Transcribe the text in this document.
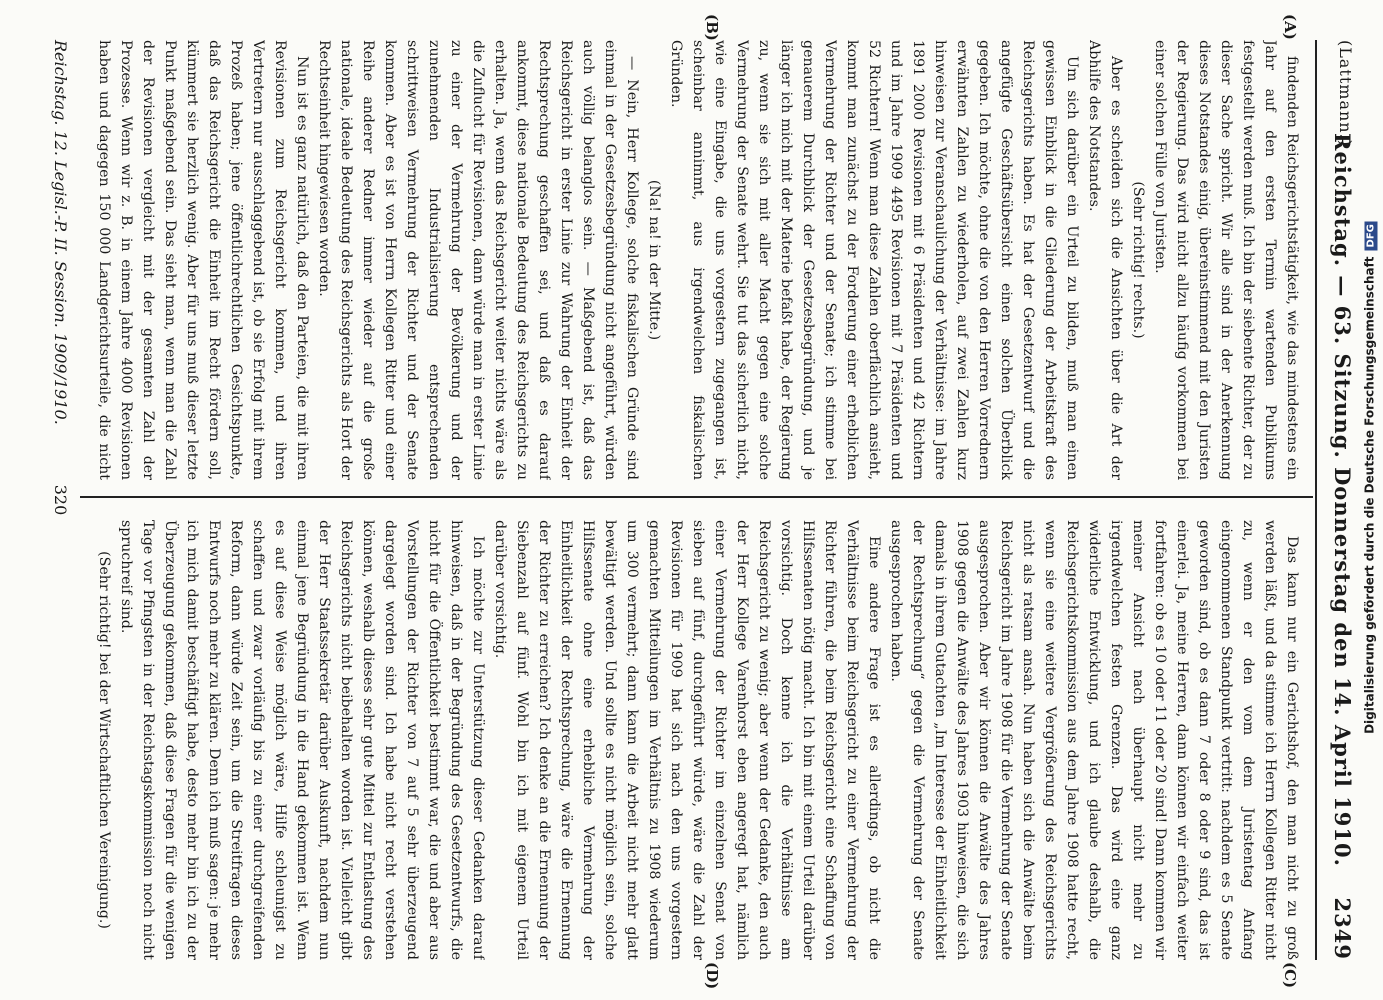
(Lattmann.)
Reichstag. — 63. Sitzung. Donnerstag den 14. April 1910.
2349

findenden Reichsgerichtstätigkeit, wie das mindestens ein Jahr auf den ersten Termin wartenden Publikums festgestellt werden muß. Ich bin der siebente Richter, der zu dieser Sache spricht. Wir alle sind in der Anerkennung dieses Notstandes einig, übereinstimmend mit den Juristen der Regierung. Das wird nicht allzu häufig vorkommen bei einer solchen Fülle von Juristen.

(Sehr richtig! rechts.)

Aber es scheiden sich die Ansichten über die Art der Abhilfe des Notstandes.

Um sich darüber ein Urteil zu bilden, muß man einen gewissen Einblick in die Gliederung der Arbeitskraft des Reichsgerichts haben. Es hat der Gesetzentwurf und die angefügte Geschäftsübersicht einen solchen Überblick gegeben. Ich möchte, ohne die von den Herren Vorrednern erwähnten Zahlen zu wiederholen, auf zwei Zahlen kurz hinweisen zur Veranschaulichung der Verhältnisse: im Jahre 1891 2000 Revisionen mit 6 Präsidenten und 42 Richtern und im Jahre 1909 4495 Revisionen mit 7 Präsidenten und 52 Richtern! Wenn man diese Zahlen oberflächlich ansieht, kommt man zunächst zu der Forderung einer erheblichen Vermehrung der Richter und der Senate; ich stimme bei genauerem Durchblick der Gesetzesbegründung, und je länger ich mich mit der Materie befaßt habe, der Regierung zu, wenn sie sich mit aller Macht gegen eine solche Vermehrung der Senate wehrt. Sie tut das sicherlich nicht, wie eine Eingabe, die uns vorgestern zugegangen ist, scheinbar annimmt, aus irgendwelchen fiskalischen Gründen.

(Na! na! in der Mitte.)

— Nein, Herr Kollege, solche fiskalischen Gründe sind einmal in der Gesetzesbegründung nicht angeführt, würden auch völlig belanglos sein. — Maßgebend ist, daß das Reichsgericht in erster Linie zur Wahrung der Einheit der Rechtsprechung geschaffen sei, und daß es darauf ankommt, diese nationale Bedeutung des Reichsgerichts zu erhalten. Ja, wenn das Reichsgericht weiter nichts wäre als die Zuflucht für Revisionen, dann würde man in erster Linie zu einer der Vermehrung der Bevölkerung und der zunehmenden Industrialisierung entsprechenden schrittweisen Vermehrung der Richter und der Senate kommen. Aber es ist von Herrn Kollegen Ritter und einer Reihe anderer Redner immer wieder auf die große nationale, ideale Bedeutung des Reichsgerichts als Hort der Rechtseinheit hingewiesen worden.

Nun ist es ganz natürlich, daß den Parteien, die mit ihren Revisionen zum Reichsgericht kommen, und ihren Vertretern nur ausschlaggebend ist, ob sie Erfolg mit ihrem Prozeß haben; jene öffentlichrechtlichen Gesichtspunkte, daß das Reichsgericht die Einheit im Recht fördern soll, kümmert sie herzlich wenig. Aber für uns muß dieser letzte Punkt maßgebend sein. Das sieht man, wenn man die Zahl der Revisionen vergleicht mit der gesamten Zahl der Prozesse. Wenn wir z. B. in einem Jahre 4000 Revisionen haben und dagegen 150 000 Landgerichtsurteile, die nicht

Das kann nur ein Gerichtshof, den man nicht zu groß werden läßt, und da stimme ich Herrn Kollegen Ritter nicht zu, wenn er den vom dem Juristentag Anfang eingenommenen Standpunkt vertritt: nachdem es 5 Senate geworden sind, ob es dann 7 oder 8 oder 9 sind, das ist einerlei. Ja, meine Herren, dann können wir einfach weiter fortfahren: ob es 10 oder 11 oder 20 sind! Dann kommen wir meiner Ansicht nach überhaupt nicht mehr zu irgendwelchen festen Grenzen. Das wird eine ganz widerliche Entwicklung, und ich glaube deshalb, die Reichsgerichtskommission aus dem Jahre 1908 hatte recht, wenn sie eine weitere Vergrößerung des Reichsgerichts nicht als ratsam ansah. Nun haben sich die Anwälte beim Reichsgericht im Jahre 1908 für die Vermehrung der Senate ausgesprochen. Aber wir können die Anwälte des Jahres 1908 gegen die Anwälte des Jahres 1903 hinweisen, die sich damals in ihrem Gutachten „Im Interesse der Einheitlichkeit der Rechtsprechung“ gegen die Vermehrung der Senate ausgesprochen haben.

Eine andere Frage ist es allerdings, ob nicht die Verhältnisse beim Reichsgericht zu einer Vermehrung der Richter führen, die beim Reichsgericht eine Schaffung von Hilfssenaten nötig macht. Ich bin mit einem Urteil darüber vorsichtig. Doch kenne ich die Verhältnisse am Reichsgericht zu wenig; aber wenn der Gedanke, den auch der Herr Kollege Varenhorst eben angeregt hat, nämlich einer Vermehrung der Richter im einzelnen Senat von sieben auf fünf, durchgeführt würde, wäre die Zahl der Revisionen für 1909 hat sich nach den uns vorgestern gemachten Mitteilungen im Verhältnis zu 1908 wiederum um 300 vermehrt; dann kann die Arbeit nicht mehr glatt bewältigt werden. Und sollte es nicht möglich sein, solche Hilfssenate ohne eine erhebliche Vermehrung der Einheitlichkeit der Rechtsprechung, wäre die Ernennung der Richter zu erreichen? Ich denke an die Ernennung der Siebenzahl auf fünf. Wohl bin ich mit eigenem Urteil darüber vorsichtig.

Ich möchte zur Unterstützung dieser Gedanken darauf hinweisen, daß in der Begründung des Gesetzentwurfs, die nicht für die Öffentlichkeit bestimmt war, die und aber aus Vorstellungen der Richter von 7 auf 5 sehr überzeugend dargelegt worden sind. Ich habe nicht recht verstehen können, weshalb dieses sehr gute Mittel zur Entlastung des Reichsgerichts nicht beibehalten worden ist. Vielleicht gibt der Herr Staatssekretär darüber Auskunft, nachdem nun einmal jene Begründung in die Hand gekommen ist. Wenn es auf diese Weise möglich wäre, Hilfe schleunigst zu schaffen und zwar vorläufig bis zu einer durchgreifenden Reform, dann würde Zeit sein, um die Streitfragen dieses Entwurfs noch mehr zu klären. Denn ich muß sagen: je mehr ich mich damit beschäftigt habe, desto mehr bin ich zu der Überzeugung gekommen, daß diese Fragen für die wenigen Tage vor Pfingsten in der Reichstagskommission noch nicht spruchreif sind.

(Sehr richtig! bei der Wirtschaftlichen Vereinigung.)

(A)
(B)
(C)
(D)
Reichstag. 12. Legisl.-P. II. Session. 1909/1910.
320	Digitalisierung gefördert durch die Deutsche ForschungsgemeinschaftDFG
